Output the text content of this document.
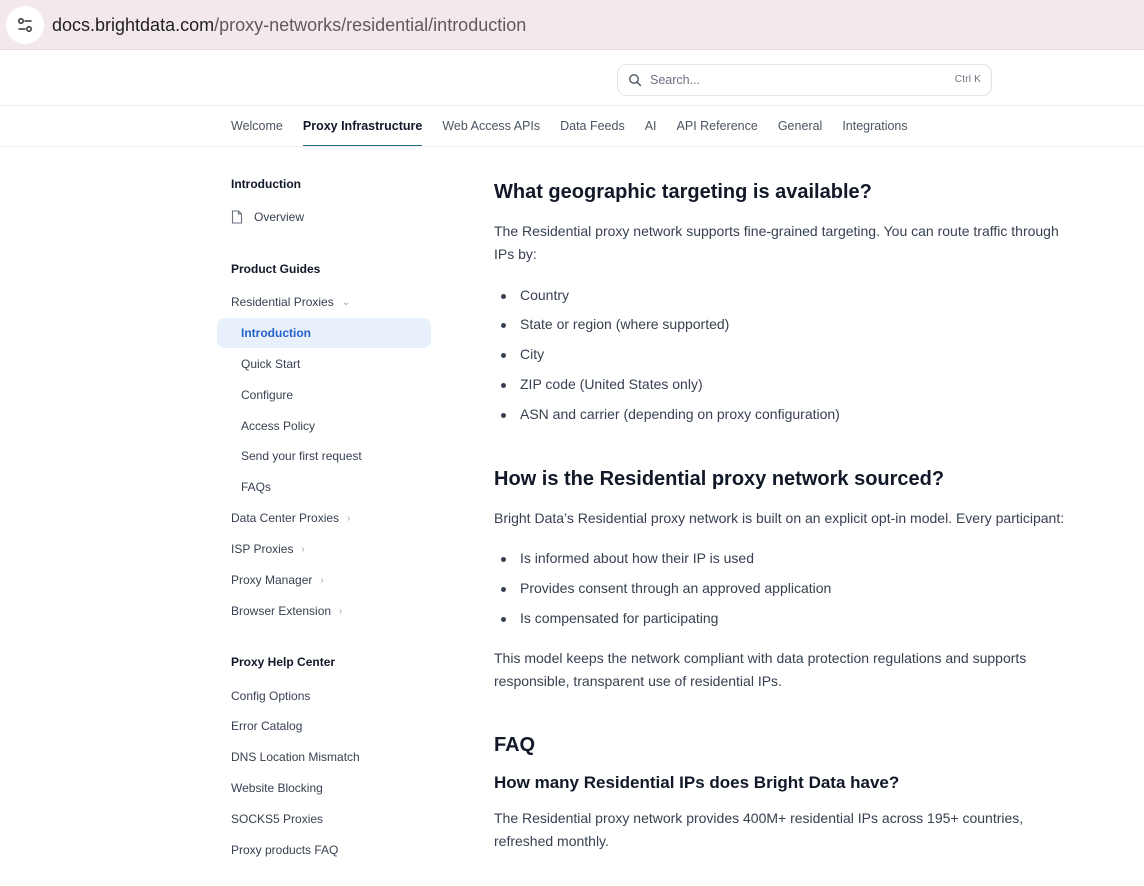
docs.brightdata.com/proxy-networks/residential/introduction
Search...	Ctrl K
Welcome Proxy Infrastructure Web Access APIs Data Feeds AI API Reference General Integrations
Introduction
Overview
Product Guides
Residential Proxies ⌄
Introduction
Quick Start
Configure
Access Policy
Send your first request
FAQs
Data Center Proxies ›
ISP Proxies ›
Proxy Manager ›
Browser Extension ›
Proxy Help Center
Config Options
Error Catalog
DNS Location Mismatch
Website Blocking
SOCKS5 Proxies
Proxy products FAQ
What geographic targeting is available?
The Residential proxy network supports fine-grained targeting. You can route traffic through IPs by:
Country
State or region (where supported)
City
ZIP code (United States only)
ASN and carrier (depending on proxy configuration)
How is the Residential proxy network sourced?
Bright Data’s Residential proxy network is built on an explicit opt-in model. Every participant:
Is informed about how their IP is used
Provides consent through an approved application
Is compensated for participating
This model keeps the network compliant with data protection regulations and supports responsible, transparent use of residential IPs.
FAQ
How many Residential IPs does Bright Data have?
The Residential proxy network provides 400M+ residential IPs across 195+ countries, refreshed monthly.
